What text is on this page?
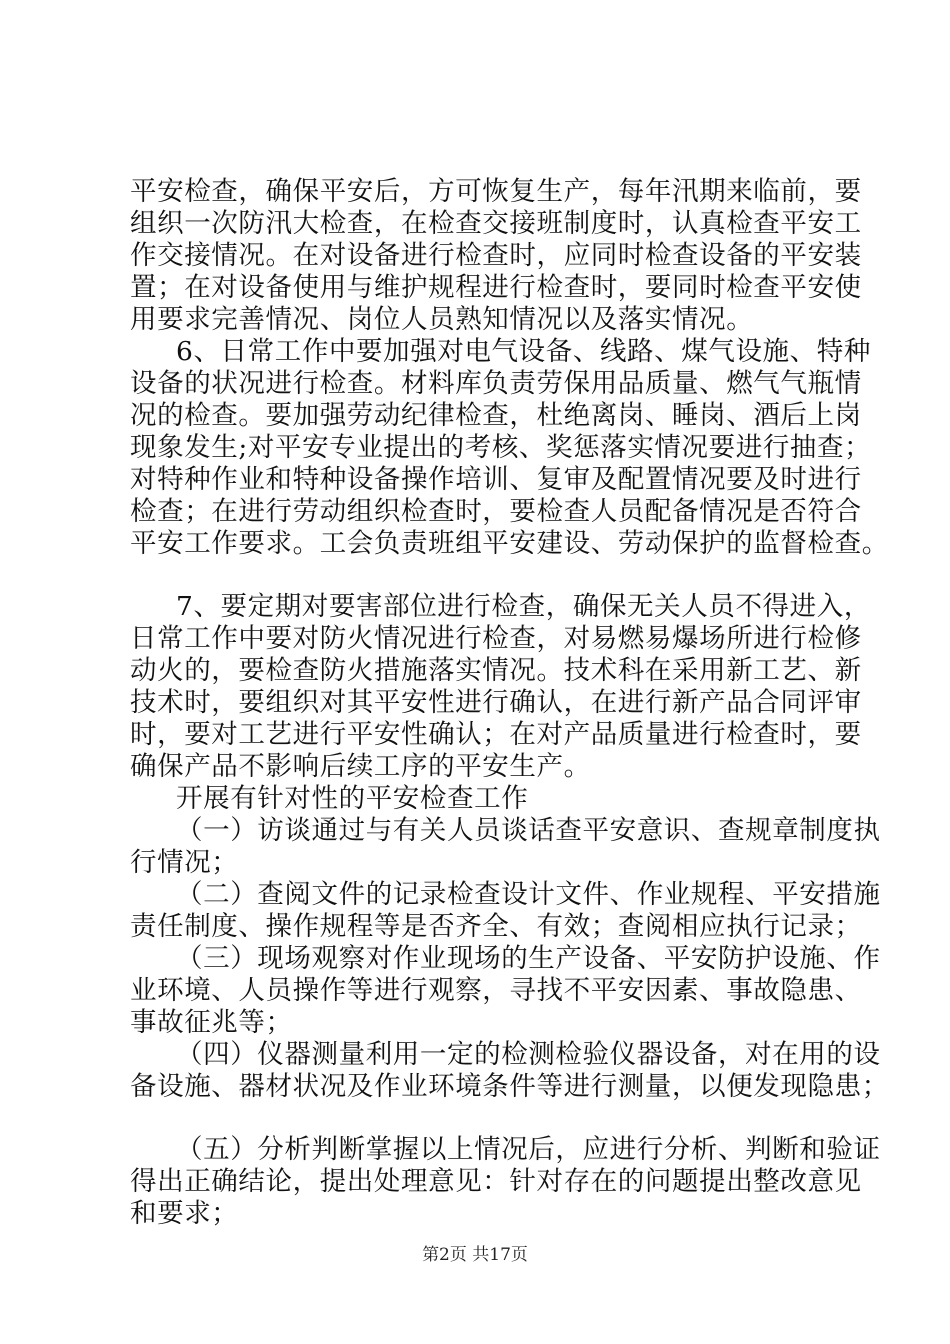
平安检查，确保平安后，方可恢复生产，每年汛期来临前，要
组织一次防汛大检查，在检查交接班制度时，认真检查平安工
作交接情况。在对设备进行检查时，应同时检查设备的平安装
置；在对设备使用与维护规程进行检查时，要同时检查平安使
用要求完善情况、岗位人员熟知情况以及落实情况。
6、日常工作中要加强对电气设备、线路、煤气设施、特种
设备的状况进行检查。材料库负责劳保用品质量、燃气气瓶情
况的检查。要加强劳动纪律检查，杜绝离岗、睡岗、酒后上岗
现象发生;对平安专业提出的考核、奖惩落实情况要进行抽查；
对特种作业和特种设备操作培训、复审及配置情况要及时进行
检查；在进行劳动组织检查时，要检查人员配备情况是否符合
平安工作要求。工会负责班组平安建设、劳动保护的监督检查。
7、要定期对要害部位进行检查，确保无关人员不得进入，
日常工作中要对防火情况进行检查，对易燃易爆场所进行检修
动火的，要检查防火措施落实情况。技术科在采用新工艺、新
技术时，要组织对其平安性进行确认，在进行新产品合同评审
时，要对工艺进行平安性确认；在对产品质量进行检查时，要
确保产品不影响后续工序的平安生产。
开展有针对性的平安检查工作
（一）访谈通过与有关人员谈话查平安意识、查规章制度执
行情况；
（二）查阅文件的记录检查设计文件、作业规程、平安措施
责任制度、操作规程等是否齐全、有效；查阅相应执行记录；
（三）现场观察对作业现场的生产设备、平安防护设施、作
业环境、人员操作等进行观察，寻找不平安因素、事故隐患、
事故征兆等；
（四）仪器测量利用一定的检测检验仪器设备，对在用的设
备设施、器材状况及作业环境条件等进行测量，以便发现隐患；
（五）分析判断掌握以上情况后，应进行分析、判断和验证
得出正确结论，提出处理意见：针对存在的问题提出整改意见
和要求；
第2页 共17页
